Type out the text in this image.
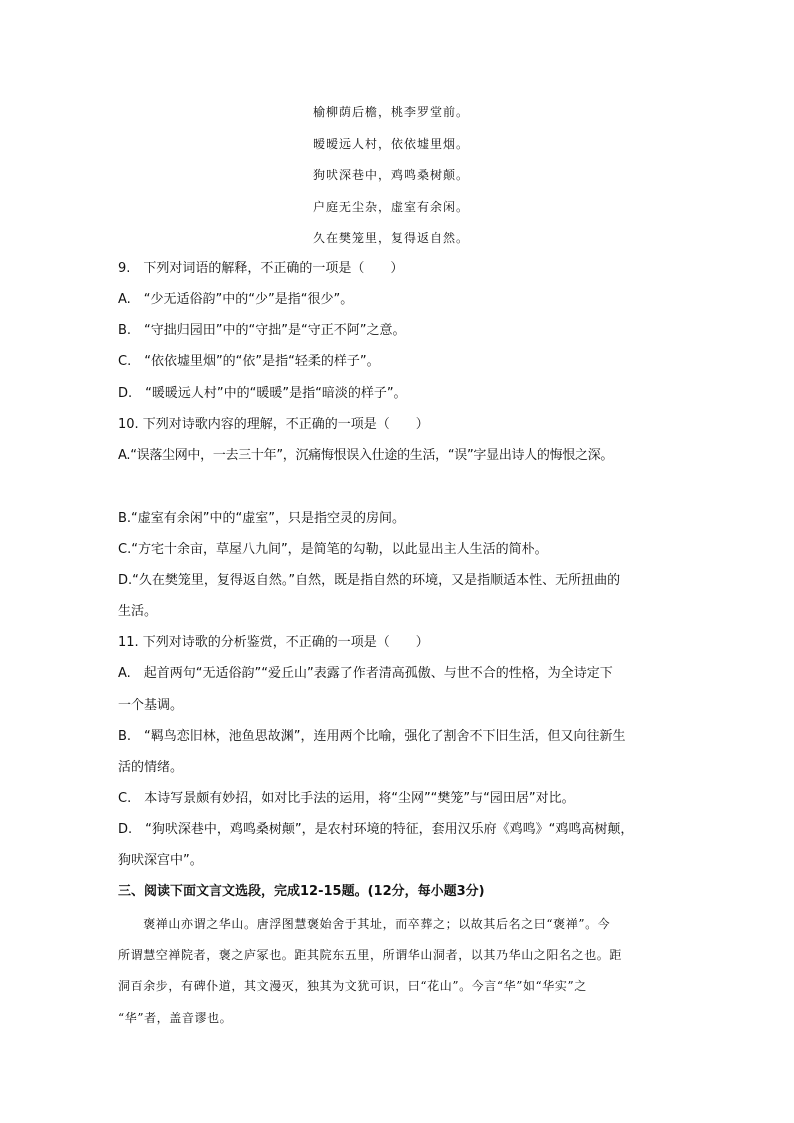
榆柳荫后檐，桃李罗堂前。
暧暧远人村，依依墟里烟。
狗吠深巷中，鸡鸣桑树颠。
户庭无尘杂，虚室有余闲。
久在樊笼里，复得返自然。
9.　下列对词语的解释，不正确的一项是（　　）
A.　“少无适俗韵”中的“少”是指“很少”。
B.　“守拙归园田”中的“守拙”是“守正不阿”之意。
C.　“依依墟里烟”的“依”是指“轻柔的样子”。
D.　“暖暖远人村”中的“暖暖”是指“暗淡的样子”。
10. 下列对诗歌内容的理解，不正确的一项是（　　）
A.“误落尘网中，一去三十年”，沉痛悔恨误入仕途的生活，“误”字显出诗人的悔恨之深。
B.“虚室有余闲”中的“虚室”，只是指空灵的房间。
C.“方宅十余亩，草屋八九间”，是简笔的勾勒，以此显出主人生活的简朴。
D.“久在樊笼里，复得返自然。”自然，既是指自然的环境，又是指顺适本性、无所扭曲的
生活。
11. 下列对诗歌的分析鉴赏，不正确的一项是（　　）
A.　起首两句“无适俗韵”“爱丘山”表露了作者清高孤傲、与世不合的性格，为全诗定下
一个基调。
B.　“羁鸟恋旧林，池鱼思故渊”，连用两个比喻，强化了割舍不下旧生活，但又向往新生
活的情绪。
C.　本诗写景颇有妙招，如对比手法的运用，将“尘网”“樊笼”与“园田居”对比。
D.　“狗吠深巷中，鸡鸣桑树颠”，是农村环境的特征，套用汉乐府《鸡鸣》“鸡鸣高树颠，
狗吠深宫中”。
三、阅读下面文言文选段，完成12-15题。(12分，每小题3分)
　　褒禅山亦谓之华山。唐浮图慧褒始舍于其址，而卒葬之；以故其后名之曰“褒禅”。今
所谓慧空禅院者，褒之庐冢也。距其院东五里，所谓华山洞者，以其乃华山之阳名之也。距
洞百余步，有碑仆道，其文漫灭，独其为文犹可识，曰“花山”。今言“华”如“华实”之
“华”者，盖音谬也。
